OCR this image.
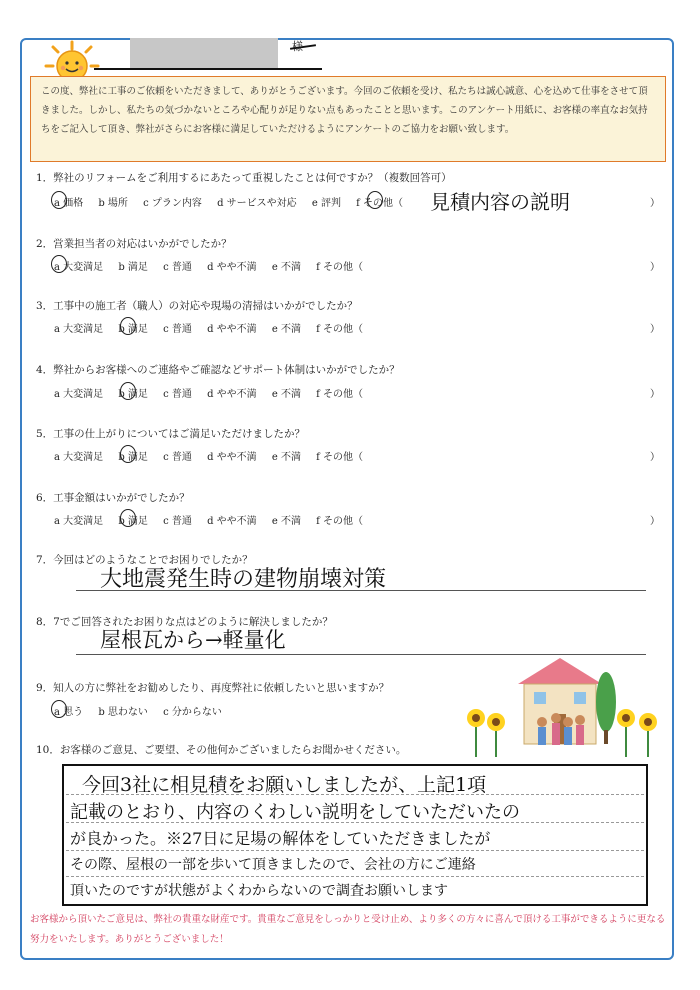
様
この度、弊社に工事のご依頼をいただきまして、ありがとうございます。今回のご依頼を受け、私たちは誠心誠意、心を込めて仕事をさせて頂きました。しかし、私たちの気づかないところや心配りが足りない点もあったことと思います。このアンケート用紙に、お客様の率直なお気持ちをご記入して頂き、弊社がさらにお客様に満足していただけるようにアンケートのご協力をお願い致します。
1．弊社のリフォームをご利用するにあたって重視したことは何ですか？（複数回答可）
a 価格 b 場所 c プラン内容 d サービスや対応 e 評判 f その他（	見積内容の説明	）
2．営業担当者の対応はいかがでしたか？
a 大変満足 b 満足 c 普通 d やや不満 e 不満 f その他（	）
3．工事中の施工者（職人）の対応や現場の清掃はいかがでしたか？
a 大変満足 b 満足 c 普通 d やや不満 e 不満 f その他（	）
4．弊社からお客様へのご連絡やご確認などサポート体制はいかがでしたか？
a 大変満足 b 満足 c 普通 d やや不満 e 不満 f その他（	）
5．工事の仕上がりについてはご満足いただけましたか？
a 大変満足 b 満足 c 普通 d やや不満 e 不満 f その他（	）
6．工事金額はいかがでしたか？
a 大変満足 b 満足 c 普通 d やや不満 e 不満 f その他（	）
7．今回はどのようなことでお困りでしたか？
大地震発生時の建物崩壊対策
8．7でご回答されたお困りな点はどのように解決しましたか？
屋根瓦から→軽量化
9．知人の方に弊社をお勧めしたり、再度弊社に依頼したいと思いますか？
a 思う b 思わない c 分からない
10．お客様のご意見、ご要望、その他何かございましたらお聞かせください。
今回3社に相見積をお願いしましたが、上記1項
記載のとおり、内容のくわしい説明をしていただいたの
が良かった。※27日に足場の解体をしていただきましたが
その際、屋根の一部を歩いて頂きましたので、会社の方にご連絡
頂いたのですが状態がよくわからないので調査お願いします
お客様から頂いたご意見は、弊社の貴重な財産です。貴重なご意見をしっかりと受け止め、より多くの方々に喜んで頂ける工事ができるように更なる努力をいたします。ありがとうございました！
